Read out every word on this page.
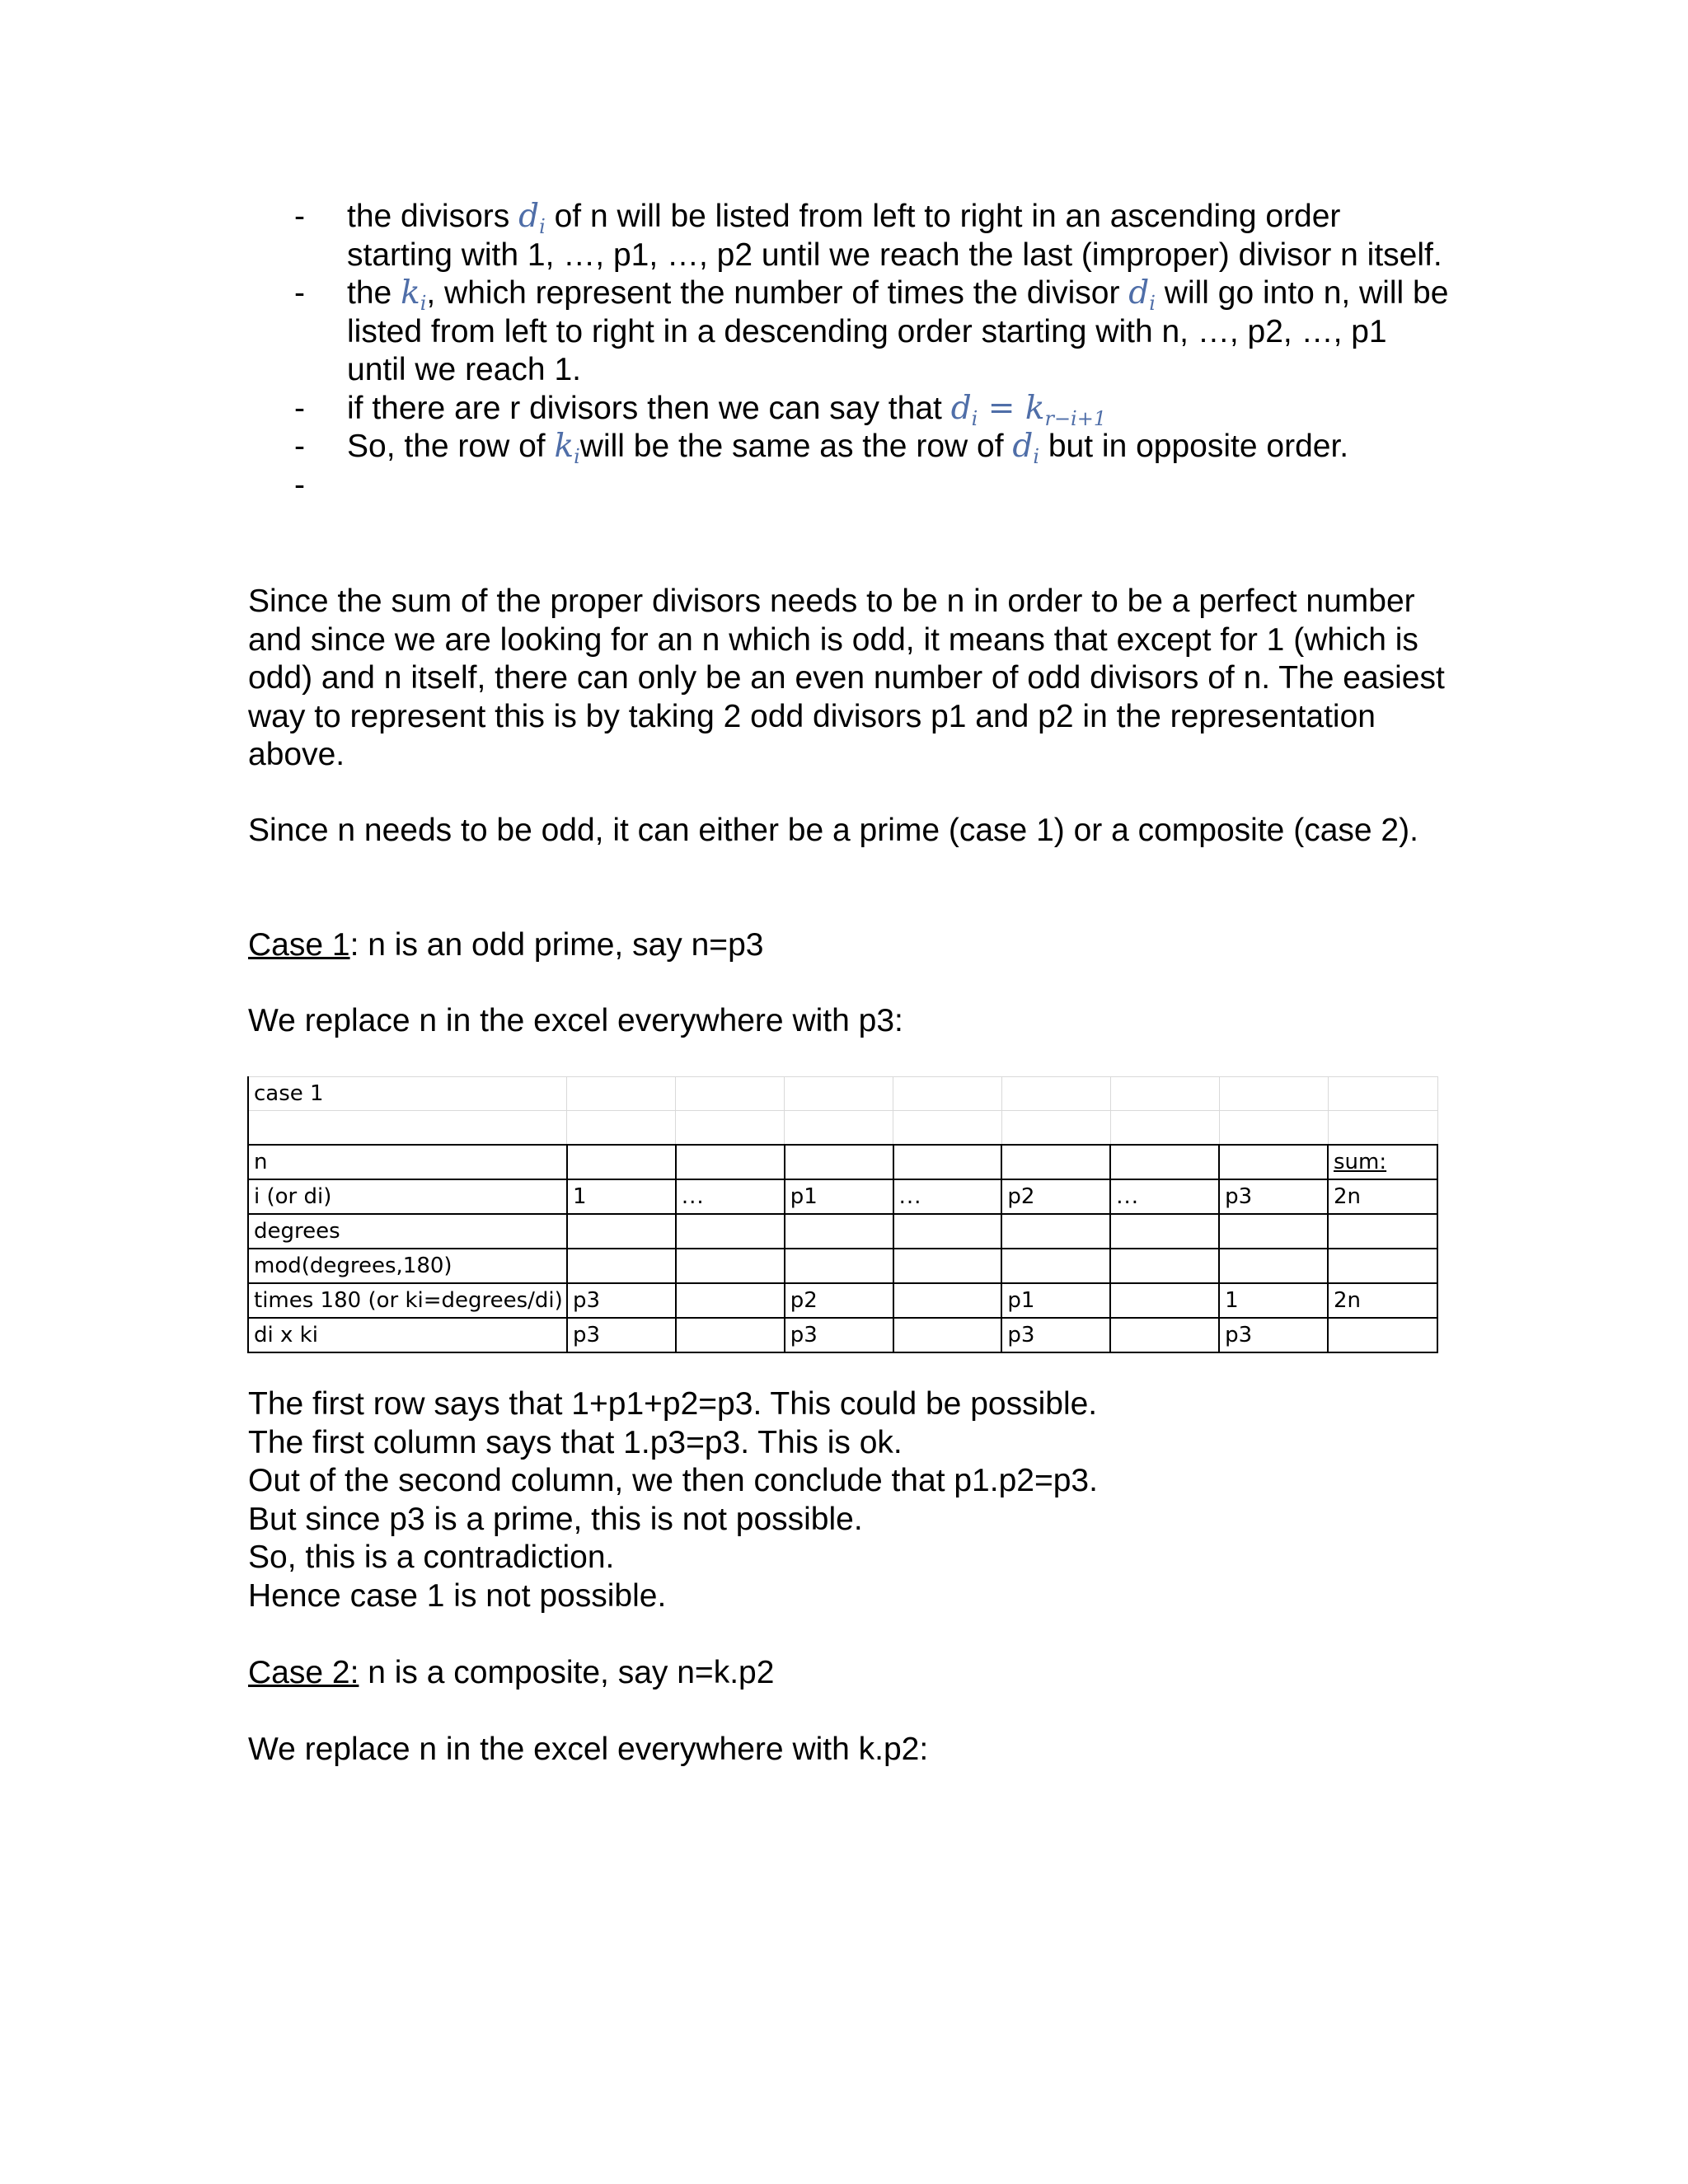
-	the divisors $d_i$ of n will be listed from left to right in an ascending order starting with 1, …, p1, …, p2 until we reach the last (improper) divisor n itself.
-	the $k_i$, which represent the number of times the divisor $d_i$ will go into n, will be listed from left to right in a descending order starting with n, …, p2, …, p1 until we reach 1.
-	if there are r divisors then we can say that $d_i = k_{r-i+1}$
-	So, the row of $k_iwill$ be the same as the row of $d_i$ but in opposite order.
-
Since the sum of the proper divisors needs to be n in order to be a perfect number and since we are looking for an n which is odd, it means that except for 1 (which is odd) and n itself, there can only be an even number of odd divisors of n. The easiest way to represent this is by taking 2 odd divisors p1 and p2 in the representation above.
Since n needs to be odd, it can either be a prime (case 1) or a composite (case 2).
Case 1: n is an odd prime, say n=p3
We replace n in the excel everywhere with p3:
case 1								

n								sum:
i (or di)	1	...	p1	...	p2	...	p3	2n
degrees								
mod(degrees,180)								
times 180 (or ki=degrees/di)	p3		p2		p1		1	2n
di x ki	p3		p3		p3		p3	
The first row says that 1+p1+p2=p3. This could be possible.
The first column says that 1.p3=p3. This is ok.
Out of the second column, we then conclude that p1.p2=p3.
But since p3 is a prime, this is not possible.
So, this is a contradiction.
Hence case 1 is not possible.
Case 2: n is a composite, say n=k.p2
We replace n in the excel everywhere with k.p2:
